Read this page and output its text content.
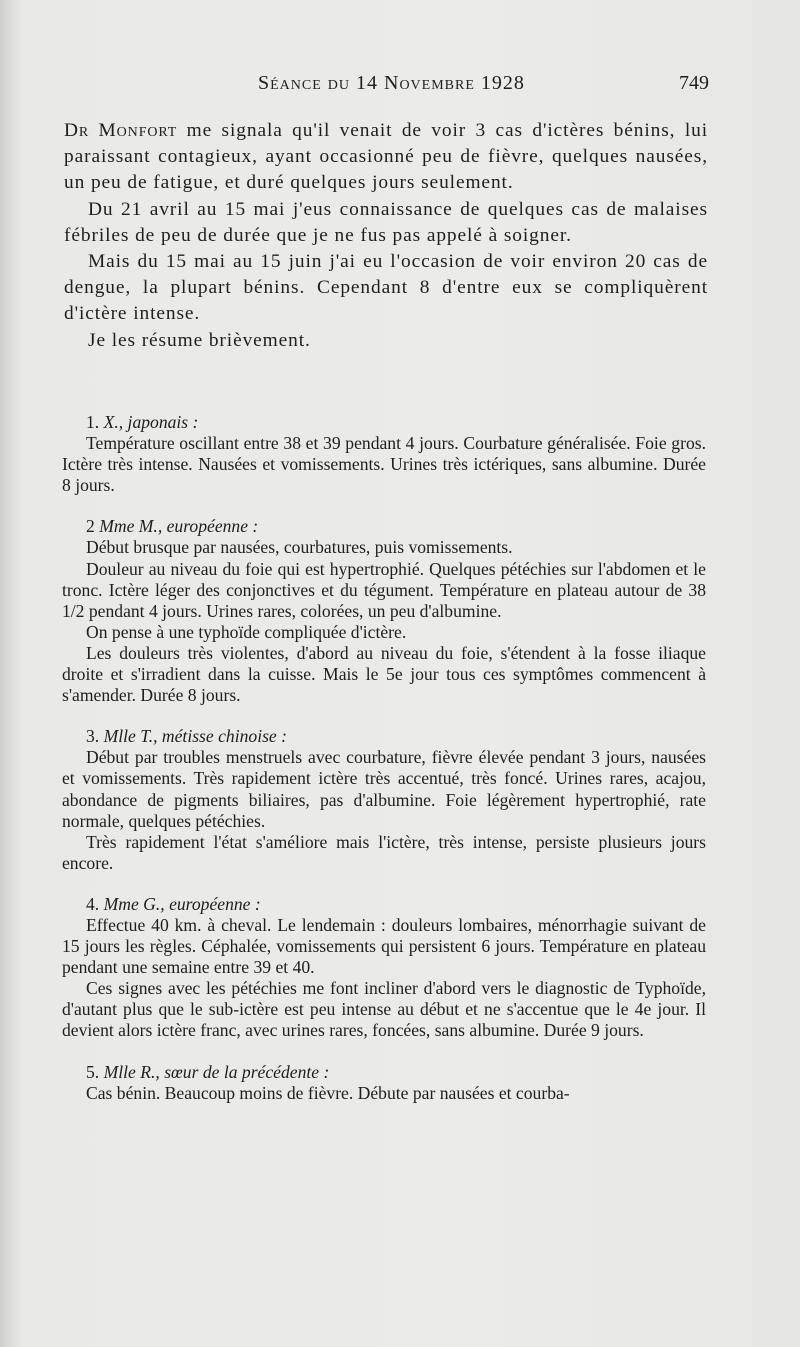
Séance du 14 Novembre 1928	749

Dr Monfort me signala qu'il venait de voir 3 cas d'ictères bénins, lui paraissant contagieux, ayant occasionné peu de fièvre, quelques nausées, un peu de fatigue, et duré quelques jours seulement.

Du 21 avril au 15 mai j'eus connaissance de quelques cas de malaises fébriles de peu de durée que je ne fus pas appelé à soigner.

Mais du 15 mai au 15 juin j'ai eu l'occasion de voir environ 20 cas de dengue, la plupart bénins. Cependant 8 d'entre eux se compliquèrent d'ictère intense.

Je les résume brièvement.

1. X., japonais :

Température oscillant entre 38 et 39 pendant 4 jours. Courbature généralisée. Foie gros. Ictère très intense. Nausées et vomissements. Urines très ictériques, sans albumine. Durée 8 jours.

2 Mme M., européenne :

Début brusque par nausées, courbatures, puis vomissements.

Douleur au niveau du foie qui est hypertrophié. Quelques pétéchies sur l'abdomen et le tronc. Ictère léger des conjonctives et du tégument. Température en plateau autour de 38 1/2 pendant 4 jours. Urines rares, colorées, un peu d'albumine.

On pense à une typhoïde compliquée d'ictère.

Les douleurs très violentes, d'abord au niveau du foie, s'étendent à la fosse iliaque droite et s'irradient dans la cuisse. Mais le 5e jour tous ces symptômes commencent à s'amender. Durée 8 jours.

3. Mlle T., métisse chinoise :

Début par troubles menstruels avec courbature, fièvre élevée pendant 3 jours, nausées et vomissements. Très rapidement ictère très accentué, très foncé. Urines rares, acajou, abondance de pigments biliaires, pas d'albumine. Foie légèrement hypertrophié, rate normale, quelques pétéchies.

Très rapidement l'état s'améliore mais l'ictère, très intense, persiste plusieurs jours encore.

4. Mme G., européenne :

Effectue 40 km. à cheval. Le lendemain : douleurs lombaires, ménorrhagie suivant de 15 jours les règles. Céphalée, vomissements qui persistent 6 jours. Température en plateau pendant une semaine entre 39 et 40.

Ces signes avec les pétéchies me font incliner d'abord vers le diagnostic de Typhoïde, d'autant plus que le sub-ictère est peu intense au début et ne s'accentue que le 4e jour. Il devient alors ictère franc, avec urines rares, foncées, sans albumine. Durée 9 jours.

5. Mlle R., sœur de la précédente :

Cas bénin. Beaucoup moins de fièvre. Débute par nausées et courba-
